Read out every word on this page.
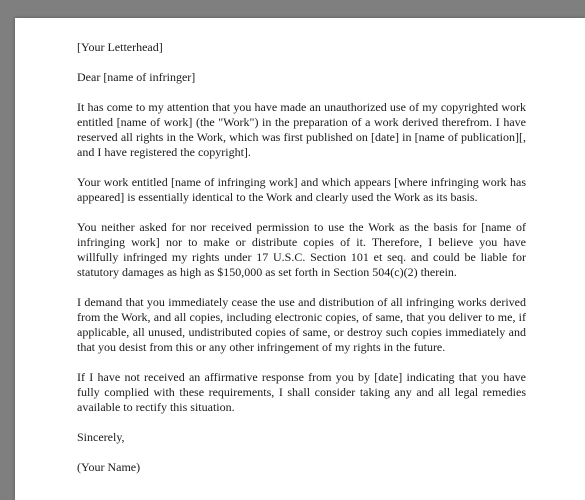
[Your Letterhead]

Dear [name of infringer]

It has come to my attention that you have made an unauthorized use of my copyrighted work entitled [name of work] (the "Work") in the preparation of a work derived therefrom. I have reserved all rights in the Work, which was first published on [date] in [name of publication][, and I have registered the copyright].

Your work entitled [name of infringing work] and which appears [where infringing work has appeared] is essentially identical to the Work and clearly used the Work as its basis.

You neither asked for nor received permission to use the Work as the basis for [name of infringing work] nor to make or distribute copies of it. Therefore, I believe you have willfully infringed my rights under 17 U.S.C. Section 101 et seq. and could be liable for statutory damages as high as $150,000 as set forth in Section 504(c)(2) therein.

I demand that you immediately cease the use and distribution of all infringing works derived from the Work, and all copies, including electronic copies, of same, that you deliver to me, if applicable, all unused, undistributed copies of same, or destroy such copies immediately and that you desist from this or any other infringement of my rights in the future.

If I have not received an affirmative response from you by [date] indicating that you have fully complied with these requirements, I shall consider taking any and all legal remedies available to rectify this situation.

Sincerely,

(Your Name)
